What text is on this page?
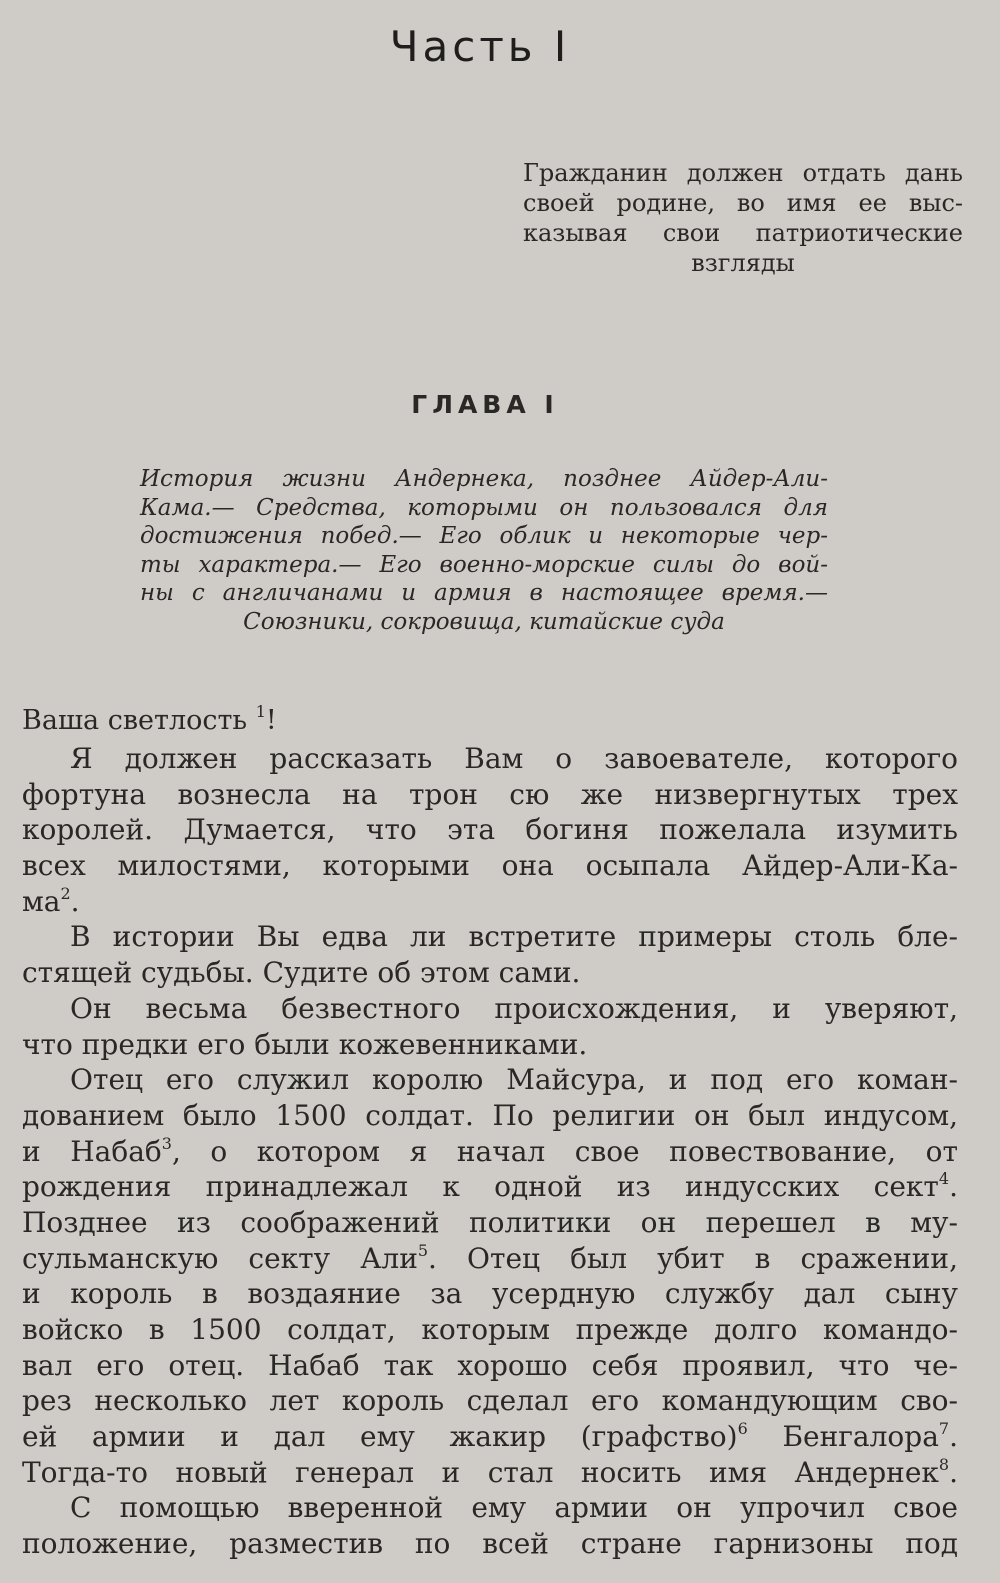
Часть I
Гражданин должен отдать дань
своей родине, во имя ее выс-
казывая свои патриотические
взгляды
ГЛАВА I
История жизни Андернека, позднее Айдер-Али-
Кама.— Средства, которыми он пользовался для
достижения побед.— Его облик и некоторые чер-
ты характера.— Его военно-морские силы до вой-
ны с англичанами и армия в настоящее время.—
Союзники, сокровища, китайские суда
Ваша светлость $^1$!
Я должен рассказать Вам о завоевателе, которого
фортуна вознесла на трон сю же низвергнутых трех
королей. Думается, что эта богиня пожелала изумить
всех милостями, которыми она осыпала Айдер-Али-Ка-
$ма^2$.
В истории Вы едва ли встретите примеры столь бле-
стящей судьбы. Судите об этом сами.
Он весьма безвестного происхождения, и уверяют,
что предки его были кожевенниками.
Отец его служил королю Майсура, и под его коман-
дованием было 1500 солдат. По религии он был индусом,
и Набаб$^3$, о котором я начал свое повествование, от
рождения принадлежал к одной из индусских сект$^4$.
Позднее из соображений политики он перешел в му-
сульманскую секту Али$^5$. Отец был убит в сражении,
и король в воздаяние за усердную службу дал сыну
войско в 1500 солдат, которым прежде долго командо-
вал его отец. Набаб так хорошо себя проявил, что че-
рез несколько лет король сделал его командующим сво-
ей армии и дал ему жакир (графство)$^6$ Бенгалора$^7$.
Тогда-то новый генерал и стал носить имя Андернек$^8$.
С помощью вверенной ему армии он упрочил свое
положение, разместив по всей стране гарнизоны под
